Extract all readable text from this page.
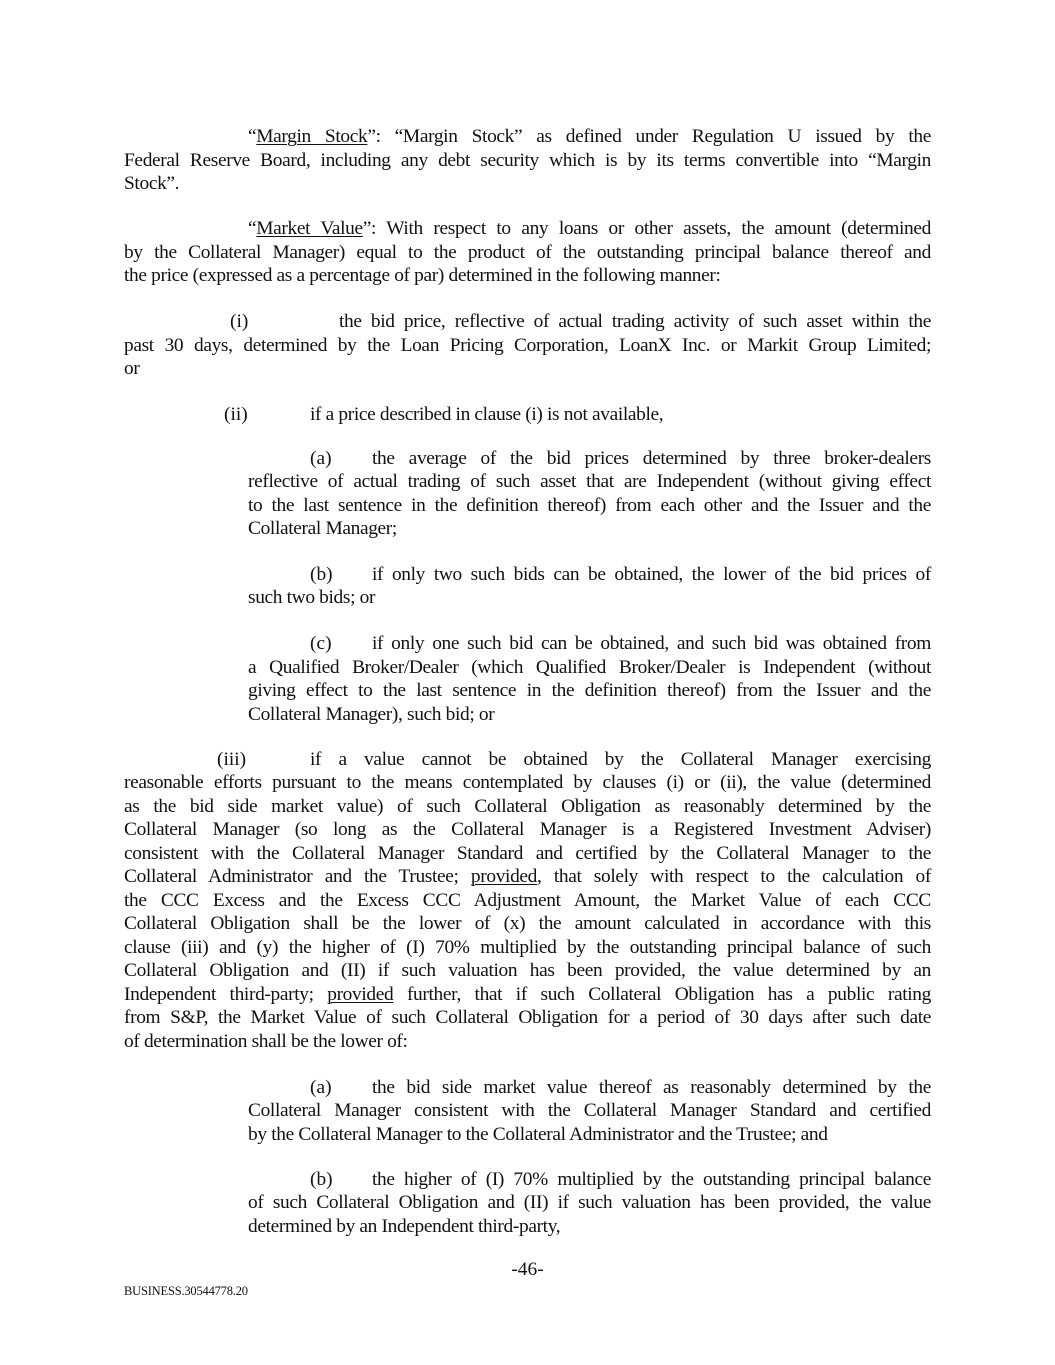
“Margin Stock”: “Margin Stock” as defined under Regulation U issued by the
Federal Reserve Board, including any debt security which is by its terms convertible into “Margin
Stock”.
“Market Value”: With respect to any loans or other assets, the amount (determined
by the Collateral Manager) equal to the product of the outstanding principal balance thereof and
the price (expressed as a percentage of par) determined in the following manner:
(i)	the bid price, reflective of actual trading activity of such asset within the
past 30 days, determined by the Loan Pricing Corporation, LoanX Inc. or Markit Group Limited;
or
(ii)	if a price described in clause (i) is not available,
(a) the average of the bid prices determined by three broker-dealers
reflective of actual trading of such asset that are Independent (without giving effect
to the last sentence in the definition thereof) from each other and the Issuer and the
Collateral Manager;
(b) if only two such bids can be obtained, the lower of the bid prices of
such two bids; or
(c) if only one such bid can be obtained, and such bid was obtained from
a Qualified Broker/Dealer (which Qualified Broker/Dealer is Independent (without
giving effect to the last sentence in the definition thereof) from the Issuer and the
Collateral Manager), such bid; or
(iii)	if a value cannot be obtained by the Collateral Manager exercising
reasonable efforts pursuant to the means contemplated by clauses (i) or (ii), the value (determined
as the bid side market value) of such Collateral Obligation as reasonably determined by the
Collateral Manager (so long as the Collateral Manager is a Registered Investment Adviser)
consistent with the Collateral Manager Standard and certified by the Collateral Manager to the
Collateral Administrator and the Trustee; provided, that solely with respect to the calculation of
the CCC Excess and the Excess CCC Adjustment Amount, the Market Value of each CCC
Collateral Obligation shall be the lower of (x) the amount calculated in accordance with this
clause (iii) and (y) the higher of (I) 70% multiplied by the outstanding principal balance of such
Collateral Obligation and (II) if such valuation has been provided, the value determined by an
Independent third-party; provided further, that if such Collateral Obligation has a public rating
from S&P, the Market Value of such Collateral Obligation for a period of 30 days after such date
of determination shall be the lower of:
(a) the bid side market value thereof as reasonably determined by the
Collateral Manager consistent with the Collateral Manager Standard and certified
by the Collateral Manager to the Collateral Administrator and the Trustee; and
(b) the higher of (I) 70% multiplied by the outstanding principal balance
of such Collateral Obligation and (II) if such valuation has been provided, the value
determined by an Independent third-party,
-46-
BUSINESS.30544778.20
